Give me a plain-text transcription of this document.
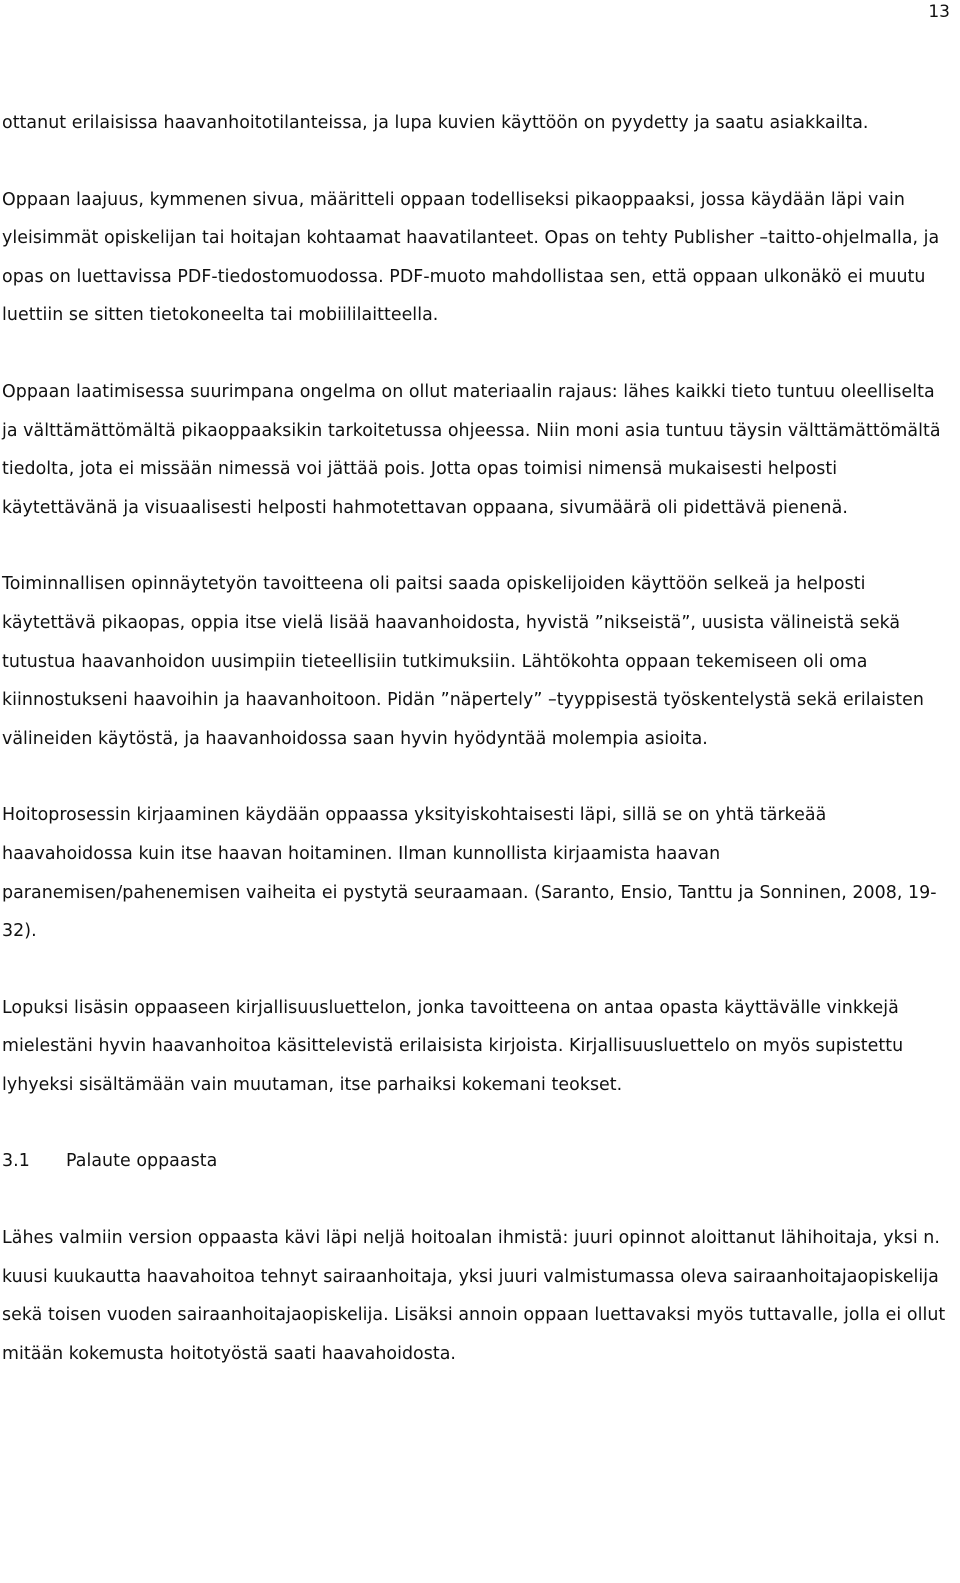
13

ottanut erilaisissa haavanhoitotilanteissa, ja lupa kuvien käyttöön on pyydetty ja saatu asiakkailta.

Oppaan laajuus, kymmenen sivua, määritteli oppaan todelliseksi pikaoppaaksi, jossa käydään läpi vain yleisimmät opiskelijan tai hoitajan kohtaamat haavatilanteet. Opas on tehty Publisher –taitto-ohjelmalla, ja opas on luettavissa PDF-tiedostomuodossa. PDF-muoto mahdollistaa sen, että oppaan ulkonäkö ei muutu luettiin se sitten tietokoneelta tai mobiililaitteella.

Oppaan laatimisessa suurimpana ongelma on ollut materiaalin rajaus: lähes kaikki tieto tuntuu oleelliselta ja välttämättömältä pikaoppaaksikin tarkoitetussa ohjeessa. Niin moni asia tuntuu täysin välttämättömältä tiedolta, jota ei missään nimessä voi jättää pois. Jotta opas toimisi nimensä mukaisesti helposti käytettävänä ja visuaalisesti helposti hahmotettavan oppaana, sivumäärä oli pidettävä pienenä.

Toiminnallisen opinnäytetyön tavoitteena oli paitsi saada opiskelijoiden käyttöön selkeä ja helposti käytettävä pikaopas, oppia itse vielä lisää haavanhoidosta, hyvistä ”nikseistä”, uusista välineistä sekä tutustua haavanhoidon uusimpiin tieteellisiin tutkimuksiin. Lähtökohta oppaan tekemiseen oli oma kiinnostukseni haavoihin ja haavanhoitoon. Pidän ”näpertely” –tyyppisestä työskentelystä sekä erilaisten välineiden käytöstä, ja haavanhoidossa saan hyvin hyödyntää molempia asioita.

Hoitoprosessin kirjaaminen käydään oppaassa yksityiskohtaisesti läpi, sillä se on yhtä tärkeää haavahoidossa kuin itse haavan hoitaminen. Ilman kunnollista kirjaamista haavan paranemisen/pahenemisen vaiheita ei pystytä seuraamaan. (Saranto, Ensio, Tanttu ja Sonninen, 2008, 19-32).

Lopuksi lisäsin oppaaseen kirjallisuusluettelon, jonka tavoitteena on antaa opasta käyttävälle vinkkejä mielestäni hyvin haavanhoitoa käsittelevistä erilaisista kirjoista. Kirjallisuusluettelo on myös supistettu lyhyeksi sisältämään vain muutaman, itse parhaiksi kokemani teokset.

3.1	Palaute oppaasta

Lähes valmiin version oppaasta kävi läpi neljä hoitoalan ihmistä: juuri opinnot aloittanut lähihoitaja, yksi n. kuusi kuukautta haavahoitoa tehnyt sairaanhoitaja, yksi juuri valmistumassa oleva sairaanhoitajaopiskelija sekä toisen vuoden sairaanhoitajaopiskelija. Lisäksi annoin oppaan luettavaksi myös tuttavalle, jolla ei ollut mitään kokemusta hoitotyöstä saati haavahoidosta.
